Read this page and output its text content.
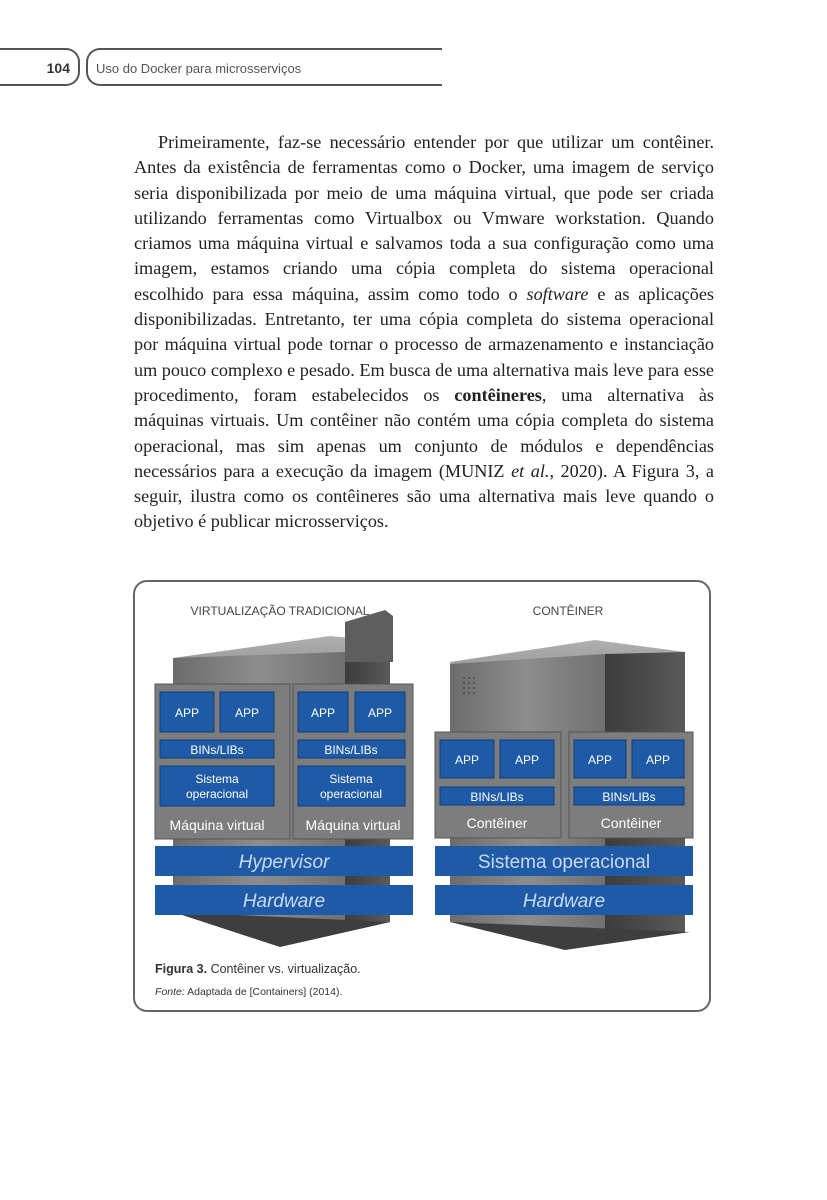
104 Uso do Docker para microsserviços

Primeiramente, faz-se necessário entender por que utilizar um contêiner. Antes da existência de ferramentas como o Docker, uma imagem de serviço seria disponibilizada por meio de uma máquina virtual, que pode ser criada utilizando ferramentas como Virtualbox ou Vmware workstation. Quando criamos uma máquina virtual e salvamos toda a sua configuração como uma imagem, estamos criando uma cópia completa do sistema operacional escolhido para essa máquina, assim como todo o software e as aplicações disponibilizadas. Entretanto, ter uma cópia completa do sistema operacional por máquina virtual pode tornar o processo de armazenamento e instanciação um pouco complexo e pesado. Em busca de uma alternativa mais leve para esse procedimento, foram estabelecidos os contêineres, uma alternativa às máquinas virtuais. Um contêiner não contém uma cópia completa do sistema operacional, mas sim apenas um conjunto de módulos e dependências necessários para a execução da imagem (MUNIZ et al., 2020). A Figura 3, a seguir, ilustra como os contêineres são uma alternativa mais leve quando o objetivo é publicar microsserviços.

VIRTUALIZAÇÃO TRADICIONAL	CONTÊINER
APP	APP
BINs/LIBs
Sistema
operacional
Máquina virtual
APP	APP
BINs/LIBs
Sistema
operacional
Máquina virtual
Hypervisor
Hardware
APP	APP
BINs/LIBs
Contêiner
APP	APP
BINs/LIBs
Contêiner
Sistema operacional
Hardware
Figura 3. Contêiner vs. virtualização.
Fonte: Adaptada de [Containers] (2014).
